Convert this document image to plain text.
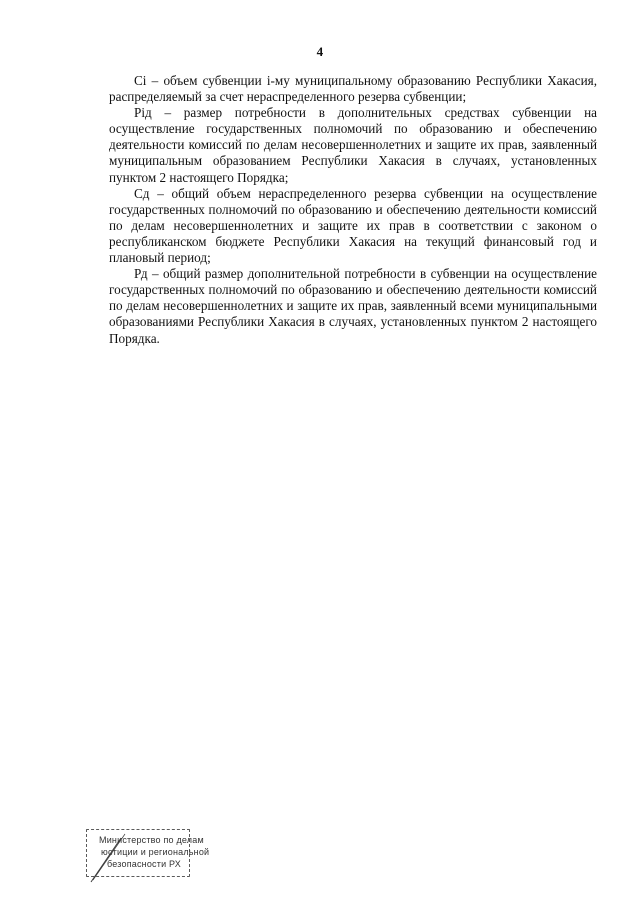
4

Ci – объем субвенции i-му муниципальному образованию Республики Хакасия, распределяемый за счет нераспределенного резерва субвенции;

Piд – размер потребности в дополнительных средствах субвенции на осуществление государственных полномочий по образованию и обеспечению деятельности комиссий по делам несовершеннолетних и защите их прав, заявленный муниципальным образованием Республики Хакасия в случаях, установленных пунктом 2 настоящего Порядка;

Сд – общий объем нераспределенного резерва субвенции на осуществление государственных полномочий по образованию и обеспечению деятельности комиссий по делам несовершеннолетних и защите их прав в соответствии с законом о республиканском бюджете Республики Хакасия на текущий финансовый год и плановый период;

Рд – общий размер дополнительной потребности в субвенции на осуществление государственных полномочий по образованию и обеспечению деятельности комиссий по делам несовершеннолетних и защите их прав, заявленный всеми муниципальными образованиями Республики Хакасия в случаях, установленных пунктом 2 настоящего Порядка.

Министерство по делам
юстиции и региональной
безопасности РХ
